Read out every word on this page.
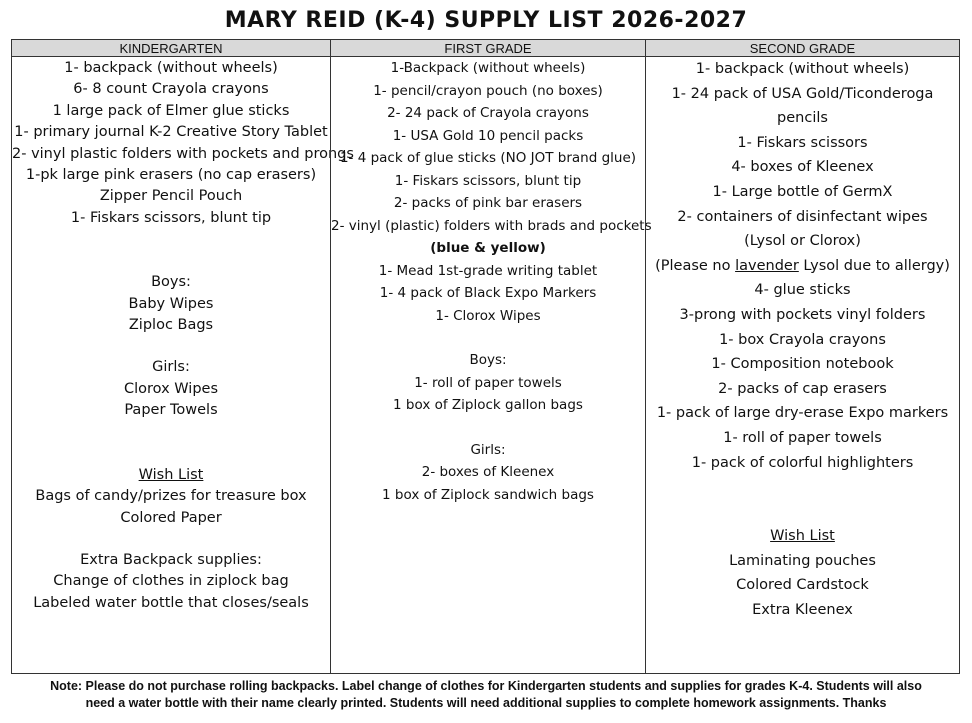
MARY REID (K-4) SUPPLY LIST 2026-2027
KINDERGARTEN
1- backpack (without wheels)
6- 8 count Crayola crayons
1 large pack of Elmer glue sticks
1- primary journal K-2 Creative Story Tablet
2- vinyl plastic folders with pockets and prongs
1-pk large pink erasers (no cap erasers)
Zipper Pencil Pouch
1- Fiskars scissors, blunt tip
Boys:
Baby Wipes
Ziploc Bags
Girls:
Clorox Wipes
Paper Towels
Wish List
Bags of candy/prizes for treasure box
Colored Paper
Extra Backpack supplies:
Change of clothes in ziplock bag
Labeled water bottle that closes/seals
FIRST GRADE
1-Backpack (without wheels)
1- pencil/crayon pouch (no boxes)
2- 24 pack of Crayola crayons
1- USA Gold 10 pencil packs
1- 4 pack of glue sticks (NO JOT brand glue)
1- Fiskars scissors, blunt tip
2- packs of pink bar erasers
2- vinyl (plastic) folders with brads and pockets
(blue & yellow)
1- Mead 1st-grade writing tablet
1- 4 pack of Black Expo Markers
1- Clorox Wipes
Boys:
1- roll of paper towels
1 box of Ziplock gallon bags
Girls:
2- boxes of Kleenex
1 box of Ziplock sandwich bags
SECOND GRADE
1- backpack (without wheels)
1- 24 pack of USA Gold/Ticonderoga
pencils
1- Fiskars scissors
4- boxes of Kleenex
1- Large bottle of GermX
2- containers of disinfectant wipes
(Lysol or Clorox)
(Please no lavender Lysol due to allergy)
4- glue sticks
3-prong with pockets vinyl folders
1- box Crayola crayons
1- Composition notebook
2- packs of cap erasers
1- pack of large dry-erase Expo markers
1- roll of paper towels
1- pack of colorful highlighters
Wish List
Laminating pouches
Colored Cardstock
Extra Kleenex
Note: Please do not purchase rolling backpacks. Label change of clothes for Kindergarten students and supplies for grades K-4. Students will also
need a water bottle with their name clearly printed. Students will need additional supplies to complete homework assignments. Thanks
